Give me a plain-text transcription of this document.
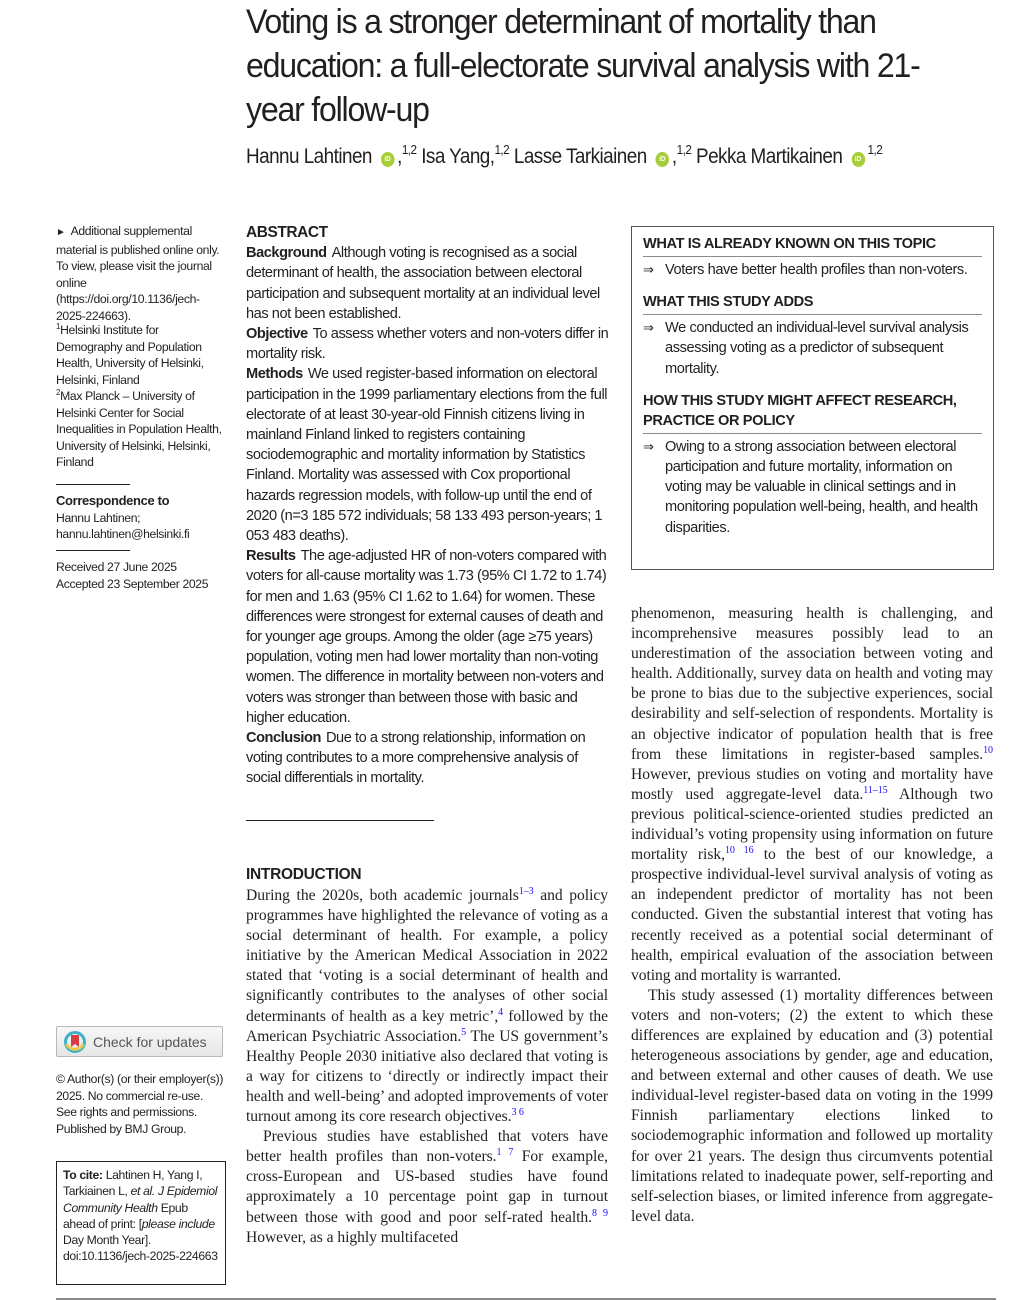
Voting is a stronger determinant of mortality than education: a full-electorate survival analysis with 21-year follow-up
Hannu Lahtinen iD ,$^{1,2}$ Isa Yang,$^{1,2}$ Lasse Tarkiainen iD ,$^{1,2}$ Pekka Martikainen iD$^{1,2}$
► Additional supplemental material is published online only. To view, please visit the journal online (https://doi.org/10.1136/jech-2025-224663).
$^1$Helsinki Institute for Demography and Population Health, University of Helsinki, Helsinki, Finland
$^2$Max Planck – University of Helsinki Center for Social Inequalities in Population Health, University of Helsinki, Helsinki, Finland
Correspondence to
Hannu Lahtinen;
hannu.lahtinen@helsinki.fi
Received 27 June 2025
Accepted 23 September 2025
Check for updates
© Author(s) (or their employer(s)) 2025. No commercial re-use. See rights and permissions. Published by BMJ Group.
To cite: Lahtinen H, Yang I, Tarkiainen L, et al. J Epidemiol Community Health Epub ahead of print: [please include Day Month Year]. doi:10.1136/jech-2025-224663
ABSTRACT

Background Although voting is recognised as a social determinant of health, the association between electoral participation and subsequent mortality at an individual level has not been established.

Objective To assess whether voters and non-voters differ in mortality risk.

Methods We used register-based information on electoral participation in the 1999 parliamentary elections from the full electorate of at least 30-year-old Finnish citizens living in mainland Finland linked to registers containing sociodemographic and mortality information by Statistics Finland. Mortality was assessed with Cox proportional hazards regression models, with follow-up until the end of 2020 (n=3 185 572 individuals; 58 133 493 person-years; 1 053 483 deaths).

Results The age-adjusted HR of non-voters compared with voters for all-cause mortality was 1.73 (95% CI 1.72 to 1.74) for men and 1.63 (95% CI 1.62 to 1.64) for women. These differences were strongest for external causes of death and for younger age groups. Among the older (age ≥75 years) population, voting men had lower mortality than non-voting women. The difference in mortality between non-voters and voters was stronger than between those with basic and higher education.

Conclusion Due to a strong relationship, information on voting contributes to a more comprehensive analysis of social differentials in mortality.

WHAT IS ALREADY KNOWN ON THIS TOPIC
⇒ Voters have better health profiles than non-voters.
WHAT THIS STUDY ADDS
⇒ We conducted an individual-level survival analysis assessing voting as a predictor of subsequent mortality.
HOW THIS STUDY MIGHT AFFECT RESEARCH, PRACTICE OR POLICY
⇒ Owing to a strong association between electoral participation and future mortality, information on voting may be valuable in clinical settings and in monitoring population well-being, health, and health disparities.
INTRODUCTION

During the 2020s, both academic journals$^{1-3}$ and policy programmes have highlighted the relevance of voting as a social determinant of health. For example, a policy initiative by the American Medical Association in 2022 stated that ‘voting is a social determinant of health and significantly contributes to the analyses of other social determinants of health as a key metric’,$^4$ followed by the American Psychiatric Association.$^5$ The US government’s Healthy People 2030 initiative also declared that voting is a way for citizens to ‘directly or indirectly impact their health and well-being’ and adopted improvements of voter turnout among its core research objectives.$^{3 6}$

Previous studies have established that voters have better health profiles than non-voters.$^{1 7}$ For example, cross-European and US-based studies have found approximately a 10 percentage point gap in turnout between those with good and poor self-rated health.$^{8 9}$ However, as a highly multifaceted

phenomenon, measuring health is challenging, and incomprehensive measures possibly lead to an underestimation of the association between voting and health. Additionally, survey data on health and voting may be prone to bias due to the subjective experiences, social desirability and self-selection of respondents. Mortality is an objective indicator of population health that is free from these limitations in register-based samples.$^{10}$ However, previous studies on voting and mortality have mostly used aggregate-level data.$^{11-15}$ Although two previous political-science-oriented studies predicted an individual’s voting propensity using information on future mortality risk,$^{10 16}$ to the best of our knowledge, a prospective individual-level survival analysis of voting as an independent predictor of mortality has not been conducted. Given the substantial interest that voting has recently received as a potential social determinant of health, empirical evaluation of the association between voting and mortality is warranted.

This study assessed (1) mortality differences between voters and non-voters; (2) the extent to which these differences are explained by education and (3) potential heterogeneous associations by gender, age and education, and between external and other causes of death. We use individual-level register-based data on voting in the 1999 Finnish parliamentary elections linked to sociodemographic information and followed up mortality for over 21 years. The design thus circumvents potential limitations related to inadequate power, self-reporting and self-selection biases, or limited inference from aggregate-level data.
